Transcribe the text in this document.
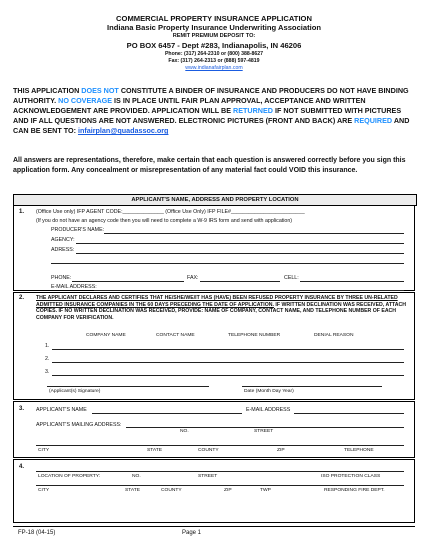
COMMERCIAL PROPERTY INSURANCE APPLICATION
Indiana Basic Property Insurance Underwriting Association
REMIT PREMIUM DEPOSIT TO:
PO BOX 6457 - Dept #283, Indianapolis, IN 46206
Phone: (317) 264-2310 or (800) 388-8627
Fax: (317) 264-2313 or (888) 597-4819
www.indianafairplan.com
THIS APPLICATION DOES NOT CONSTITUTE A BINDER OF INSURANCE AND PRODUCERS DO NOT HAVE BINDING AUTHORITY. NO COVERAGE IS IN PLACE UNTIL FAIR PLAN APPROVAL, ACCEPTANCE AND WRITTEN ACKNOWLEDGEMENT ARE PROVIDED. APPLICATION WILL BE RETURNED IF NOT SUBMITTED WITH PICTURES AND IF ALL QUESTIONS ARE NOT ANSWERED. ELECTRONIC PICTURES (FRONT AND BACK) ARE REQUIRED AND CAN BE SENT TO: infairplan@quadassoc.org
All answers are representations, therefore, make certain that each question is answered correctly before you sign this application form. Any concealment or misrepresentation of any material fact could VOID this insurance.
APPLICANT'S NAME, ADDRESS AND PROPERTY LOCATION
1. (Office Use only) IFP AGENT CODE:______________ (Office Use Only) IFP FILE#_________________________
(If you do not have an agency code then you will need to complete a W-9 IRS form and send with application)
PRODUCER'S NAME:
AGENCY:
ADRESS:
PHONE:	FAX:	CELL:
E-MAIL ADDRESS:
2. THE APPLICANT DECLARES AND CERTIFIES THAT HE/SHE/WE/IT HAS (HAVE) BEEN REFUSED PROPERTY INSURANCE BY THREE UN-RELATED ADMITTED INSURANCE COMPANIES IN THE 60 DAYS PRECEDING THE DATE OF APPLICATION. IF WRITTEN DECLINATION WAS RECEIVED, ATTACH COPIES. IF NO WRITTEN DECLINATION WAS RECEIVED, PROVIDE: NAME OF COMPANY, CONTACT NAME, AND TELEPHONE NUMBER OF EACH COMPANY FOR VERIFICATION.
COMPANY NAME	CONTACT NAME	TELEPHONE NUMBER	DENIAL REASON
1.
2.
3.
(Applicant(s) Signature)	Date (Month Day Year)
3. APPLICANT'S NAME	E-MAIL ADDRESS
APPLICANT'S MAILING ADDRESS:
NO.	STREET
CITY	STATE	COUNTY	ZIP	TELEPHONE
4.
LOCATION OF PROPERTY:	NO.	STREET	ISO PROTECTION CLASS
CITY	STATE	COUNTY	ZIP	TWP	RESPONDING FIRE DEPT.
FP-18 (04-15)	Page 1
